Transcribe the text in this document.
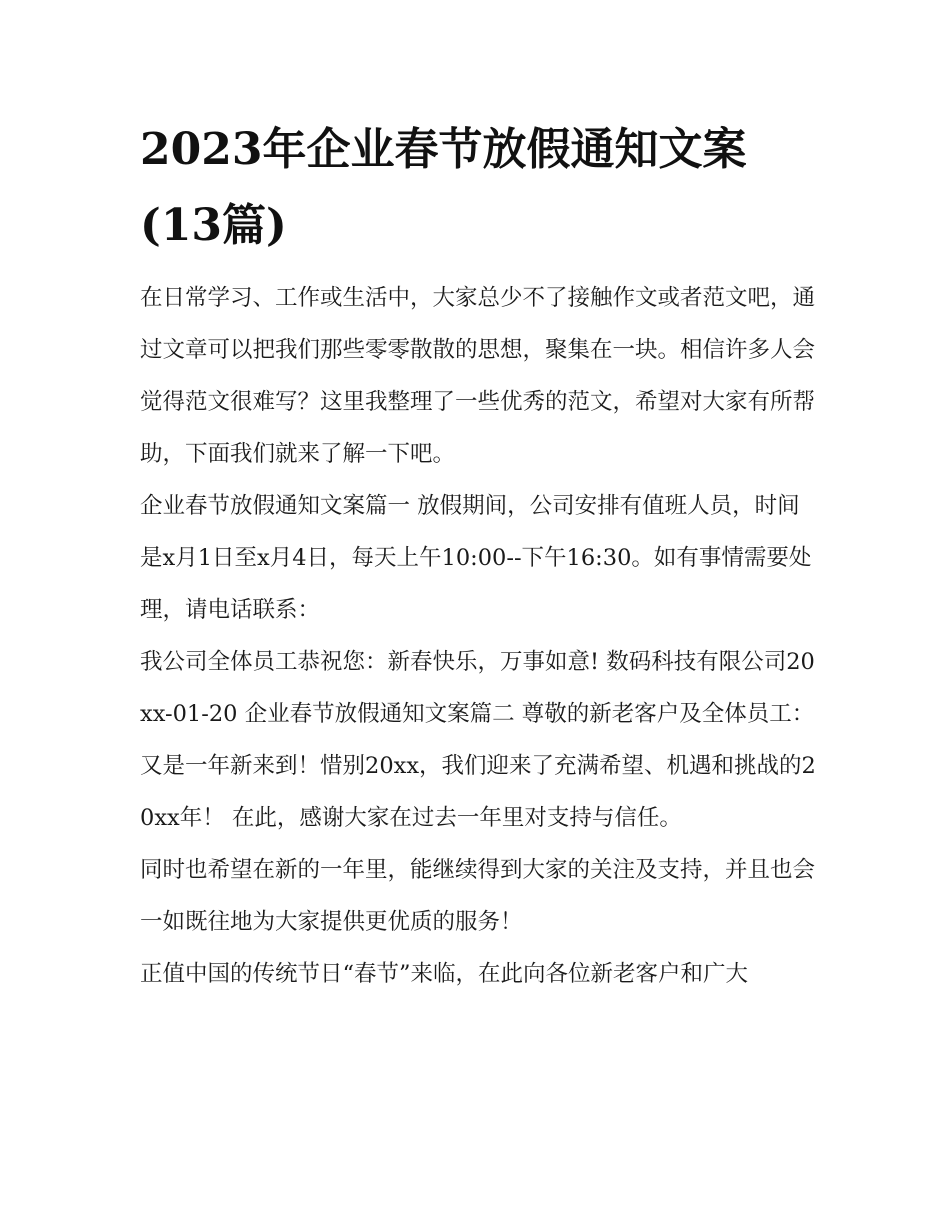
2023年企业春节放假通知文案(13篇)

在日常学习、工作或生活中，大家总少不了接触作文或者范文吧，通过文章可以把我们那些零零散散的思想，聚集在一块。相信许多人会觉得范文很难写？这里我整理了一些优秀的范文，希望对大家有所帮助，下面我们就来了解一下吧。

企业春节放假通知文案篇一 放假期间，公司安排有值班人员，时间是x月1日至x月4日，每天上午10:00--下午16:30。如有事情需要处理，请电话联系：

我公司全体员工恭祝您：新春快乐，万事如意! 数码科技有限公司20xx-01-20 企业春节放假通知文案篇二 尊敬的新老客户及全体员工：

又是一年新来到！惜别20xx，我们迎来了充满希望、机遇和挑战的20xx年！ 在此，感谢大家在过去一年里对支持与信任。

同时也希望在新的一年里，能继续得到大家的关注及支持，并且也会一如既往地为大家提供更优质的服务！

正值中国的传统节日“春节”来临，在此向各位新老客户和广大
